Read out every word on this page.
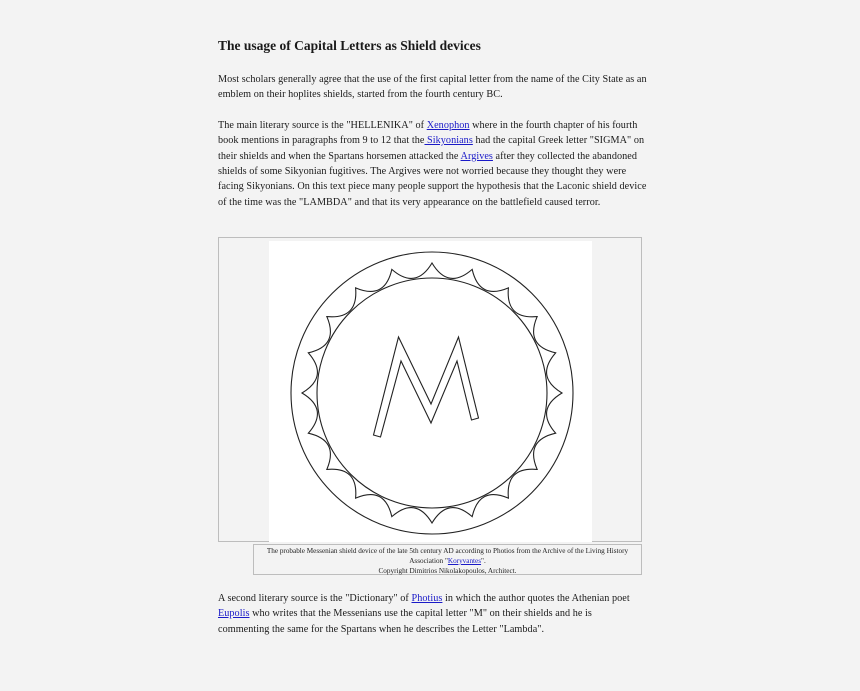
The usage of Capital Letters as Shield devices

Most scholars generally agree that the use of the first capital letter from the name of the City State as an emblem on their hoplites shields, started from the fourth century BC.

The main literary source is the "HELLENIKA" of Xenophon where in the fourth chapter of his fourth book mentions in paragraphs from 9 to 12 that the Sikyonians had the capital Greek letter "SIGMA" on their shields and when the Spartans horsemen attacked the Argives after they collected the abandoned shields of some Sikyonian fugitives. The Argives were not worried because they thought they were facing Sikyonians. On this text piece many people support the hypothesis that the Laconic shield device of the time was the "LAMBDA" and that its very appearance on the battlefield caused terror.

The probable Messenian shield device of the late 5th century AD according to Photios from the Archive of the Living History Association "Koryvantes".
Copyright Dimitrios Nikolakopoulos, Architect.

A second literary source is the "Dictionary" of Photius in which the author quotes the Athenian poet Eupolis who writes that the Messenians use the capital letter "M" on their shields and he is commenting the same for the Spartans when he describes the Letter "Lambda".
